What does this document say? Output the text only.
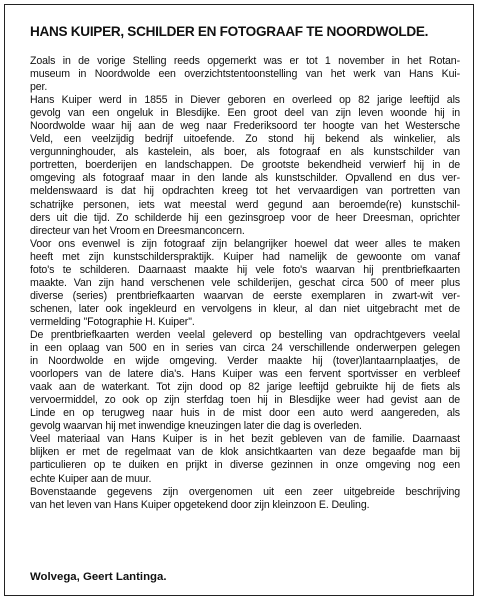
HANS KUIPER, SCHILDER EN FOTOGRAAF TE NOORDWOLDE.
Zoals in de vorige Stelling reeds opgemerkt was er tot 1 november in het Rotan-
museum in Noordwolde een overzichtstentoonstelling van het werk van Hans Kui-
per.
Hans Kuiper werd in 1855 in Diever geboren en overleed op 82 jarige leeftijd als
gevolg van een ongeluk in Blesdijke. Een groot deel van zijn leven woonde hij in
Noordwolde waar hij aan de weg naar Frederiksoord ter hoogte van het Westersche
Veld, een veelzijdig bedrijf uitoefende. Zo stond hij bekend als winkelier, als
vergunninghouder, als kastelein, als boer, als fotograaf en als kunstschilder van
portretten, boerderijen en landschappen. De grootste bekendheid verwierf hij in de
omgeving als fotograaf maar in den lande als kunstschilder. Opvallend en dus ver-
meldenswaard is dat hij opdrachten kreeg tot het vervaardigen van portretten van
schatrijke personen, iets wat meestal werd gegund aan beroemde(re) kunstschil-
ders uit die tijd. Zo schilderde hij een gezinsgroep voor de heer Dreesman, oprichter
directeur van het Vroom en Dreesmanconcern.
Voor ons evenwel is zijn fotograaf zijn belangrijker hoewel dat weer alles te maken
heeft met zijn kunstschilderspraktijk. Kuiper had namelijk de gewoonte om vanaf
foto's te schilderen. Daarnaast maakte hij vele foto's waarvan hij prentbriefkaarten
maakte. Van zijn hand verschenen vele schilderijen, geschat circa 500 of meer plus
diverse (series) prentbriefkaarten waarvan de eerste exemplaren in zwart-wit ver-
schenen, later ook ingekleurd en vervolgens in kleur, al dan niet uitgebracht met de
vermelding "Fotographie H. Kuiper".
De prentbriefkaarten werden veelal geleverd op bestelling van opdrachtgevers veelal
in een oplaag van 500 en in series van circa 24 verschillende onderwerpen gelegen
in Noordwolde en wijde omgeving. Verder maakte hij (tover)lantaarnplaatjes, de
voorlopers van de latere dia's. Hans Kuiper was een fervent sportvisser en verbleef
vaak aan de waterkant. Tot zijn dood op 82 jarige leeftijd gebruikte hij de fiets als
vervoermiddel, zo ook op zijn sterfdag toen hij in Blesdijke weer had gevist aan de
Linde en op terugweg naar huis in de mist door een auto werd aangereden, als
gevolg waarvan hij met inwendige kneuzingen later die dag is overleden.
Veel materiaal van Hans Kuiper is in het bezit gebleven van de familie. Daarnaast
blijken er met de regelmaat van de klok ansichtkaarten van deze begaafde man bij
particulieren op te duiken en prijkt in diverse gezinnen in onze omgeving nog een
echte Kuiper aan de muur.
Bovenstaande gegevens zijn overgenomen uit een zeer uitgebreide beschrijving
van het leven van Hans Kuiper opgetekend door zijn kleinzoon E. Deuling.

Wolvega, Geert Lantinga.
